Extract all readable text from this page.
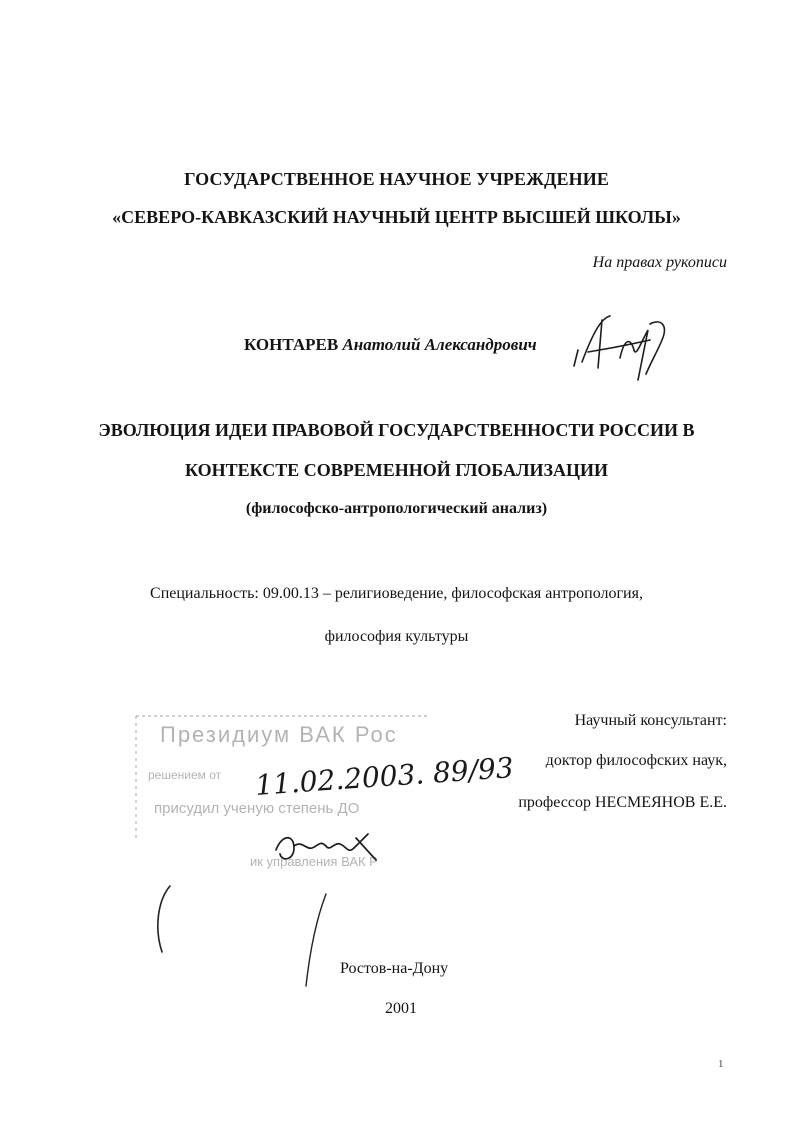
ГОСУДАРСТВЕННОЕ НАУЧНОЕ УЧРЕЖДЕНИЕ
«СЕВЕРО-КАВКАЗСКИЙ НАУЧНЫЙ ЦЕНТР ВЫСШЕЙ ШКОЛЫ»
На правах рукописи
КОНТАРЕВ Анатолий Александрович
ЭВОЛЮЦИЯ ИДЕИ ПРАВОВОЙ ГОСУДАРСТВЕННОСТИ РОССИИ В
КОНТЕКСТЕ СОВРЕМЕННОЙ ГЛОБАЛИЗАЦИИ
(философско-антропологический анализ)
Специальность: 09.00.13 – религиоведение, философская антропология,
философия культуры
Научный консультант:
доктор философских наук,
профессор НЕСМЕЯНОВ Е.Е.
Президиум ВАК Рос
решением от
присудил ученую степень ДО
ик управления ВАК Р
11.02.2003. 89/93
Ростов-на-Дону
2001
1
